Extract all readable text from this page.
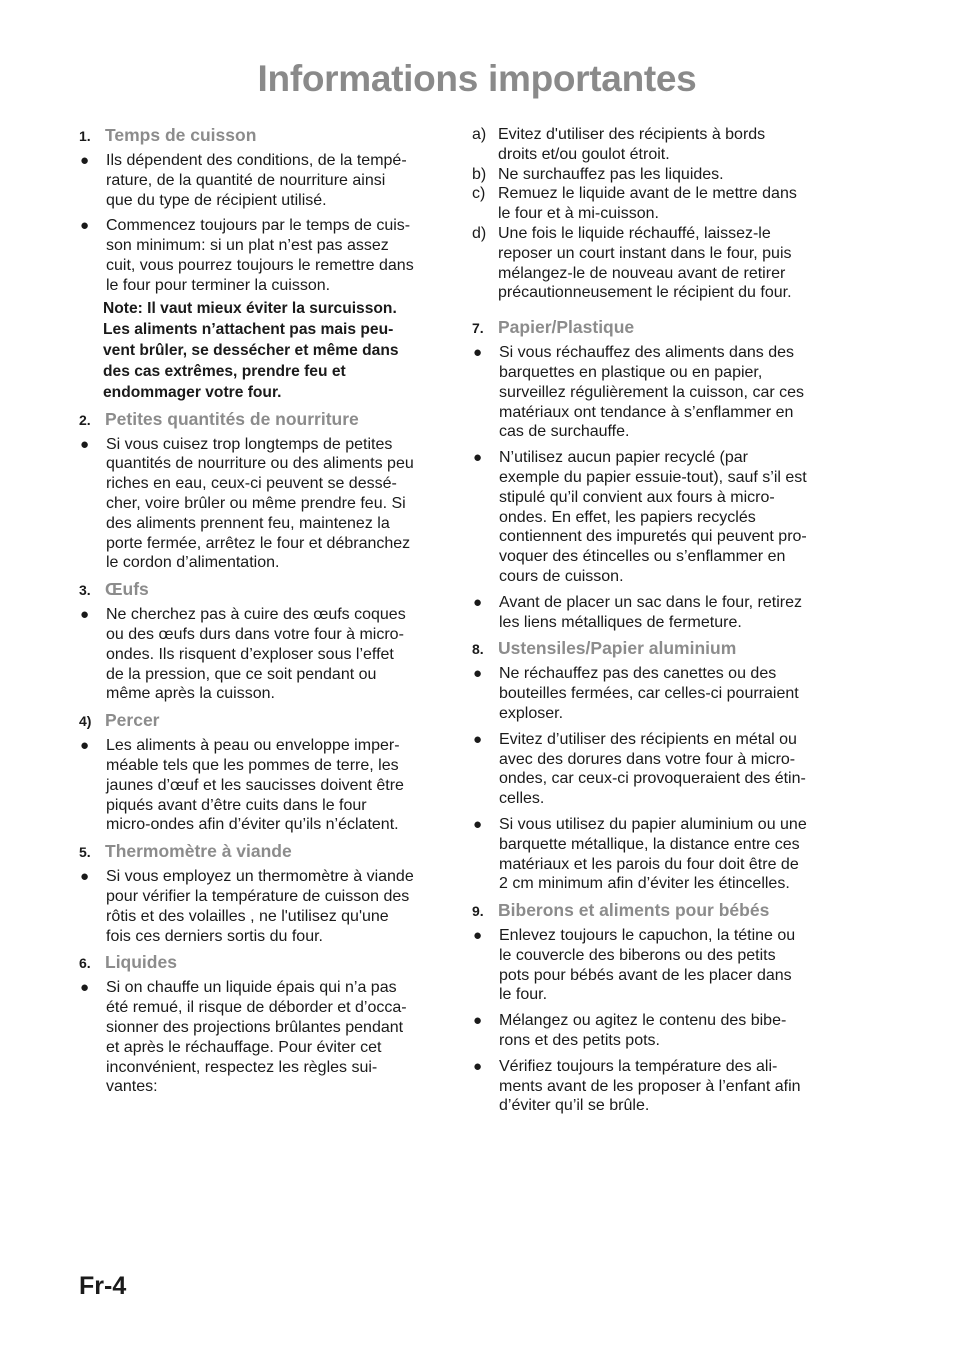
Informations importantes
1. Temps de cuisson
●	Ils dépendent des conditions, de la tempé-
rature, de la quantité de nourriture ainsi
que du type de récipient utilisé.
●	Commencez toujours par le temps de cuis-
son minimum: si un plat n’est pas assez
cuit, vous pourrez toujours le remettre dans
le four pour terminer la cuisson.
Note: Il vaut mieux éviter la surcuisson.
Les aliments n’attachent pas mais peu-
vent brûler, se dessécher et même dans
des cas extrêmes, prendre feu et
endommager votre four.
2. Petites quantités de nourriture
●	Si vous cuisez trop longtemps de petites
quantités de nourriture ou des aliments peu
riches en eau, ceux-ci peuvent se dessé-
cher, voire brûler ou même prendre feu. Si
des aliments prennent feu, maintenez la
porte fermée, arrêtez le four et débranchez
le cordon d’alimentation.
3. Œufs
●	Ne cherchez pas à cuire des œufs coques
ou des œufs durs dans votre four à micro-
ondes. Ils risquent d’exploser sous l’effet
de la pression, que ce soit pendant ou
même après la cuisson.
4) Percer
●	Les aliments à peau ou enveloppe imper-
méable tels que les pommes de terre, les
jaunes d’œuf et les saucisses doivent être
piqués avant d’être cuits dans le four
micro-ondes afin d’éviter qu’ils n’éclatent.
5. Thermomètre à viande
●	Si vous employez un thermomètre à viande
pour vérifier la température de cuisson des
rôtis et des volailles , ne l'utilisez qu'une
fois ces derniers sortis du four.
6. Liquides
●	Si on chauffe un liquide épais qui n’a pas
été remué, il risque de déborder et d’occa-
sionner des projections brûlantes pendant
et après le réchauffage. Pour éviter cet
inconvénient, respectez les règles sui-
vantes:
a) Evitez d'utiliser des récipients à bords
droits et/ou goulot étroit.
b) Ne surchauffez pas les liquides.
c) Remuez le liquide avant de le mettre dans
le four et à mi-cuisson.
d) Une fois le liquide réchauffé, laissez-le
reposer un court instant dans le four, puis
mélangez-le de nouveau avant de retirer
précautionneusement le récipient du four.
7. Papier/Plastique
●	Si vous réchauffez des aliments dans des
barquettes en plastique ou en papier,
surveillez régulièrement la cuisson, car ces
matériaux ont tendance à s’enflammer en
cas de surchauffe.
●	N’utilisez aucun papier recyclé (par
exemple du papier essuie-tout), sauf s’il est
stipulé qu’il convient aux fours à micro-
ondes. En effet, les papiers recyclés
contiennent des impuretés qui peuvent pro-
voquer des étincelles ou s’enflammer en
cours de cuisson.
●	Avant de placer un sac dans le four, retirez
les liens métalliques de fermeture.
8. Ustensiles/Papier aluminium
●	Ne réchauffez pas des canettes ou des
bouteilles fermées, car celles-ci pourraient
exploser.
●	Evitez d’utiliser des récipients en métal ou
avec des dorures dans votre four à micro-
ondes, car ceux-ci provoqueraient des étin-
celles.
●	Si vous utilisez du papier aluminium ou une
barquette métallique, la distance entre ces
matériaux et les parois du four doit être de
2 cm minimum afin d’éviter les étincelles.
9. Biberons et aliments pour bébés
●	Enlevez toujours le capuchon, la tétine ou
le couvercle des biberons ou des petits
pots pour bébés avant de les placer dans
le four.
●	Mélangez ou agitez le contenu des bibe-
rons et des petits pots.
●	Vérifiez toujours la température des ali-
ments avant de les proposer à l’enfant afin
d’éviter qu’il se brûle.
Fr-4
